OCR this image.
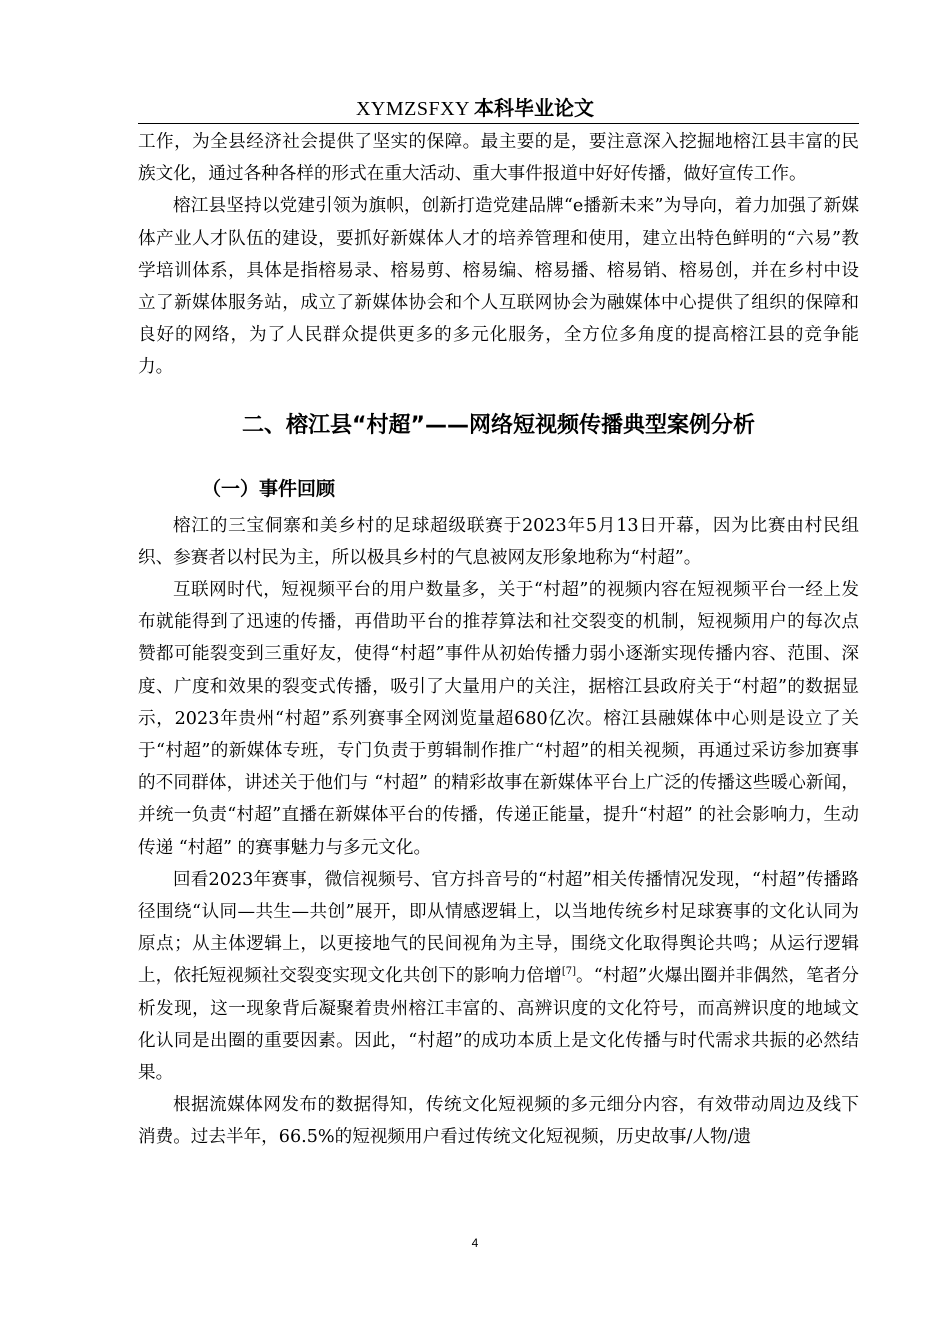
XYMZSFXY 本科毕业论文

工作，为全县经济社会提供了坚实的保障。最主要的是，要注意深入挖掘地榕江县丰富的民族文化，通过各种各样的形式在重大活动、重大事件报道中好好传播，做好宣传工作。

榕江县坚持以党建引领为旗帜，创新打造党建品牌“e播新未来”为导向，着力加强了新媒体产业人才队伍的建设，要抓好新媒体人才的培养管理和使用，建立出特色鲜明的“六易”教学培训体系，具体是指榕易录、榕易剪、榕易编、榕易播、榕易销、榕易创，并在乡村中设立了新媒体服务站，成立了新媒体协会和个人互联网协会为融媒体中心提供了组织的保障和良好的网络，为了人民群众提供更多的多元化服务，全方位多角度的提高榕江县的竞争能力。

二、榕江县“村超”——网络短视频传播典型案例分析
（一）事件回顾

榕江的三宝侗寨和美乡村的足球超级联赛于2023年5月13日开幕，因为比赛由村民组织、参赛者以村民为主，所以极具乡村的气息被网友形象地称为“村超”。

互联网时代，短视频平台的用户数量多，关于“村超”的视频内容在短视频平台一经上发布就能得到了迅速的传播，再借助平台的推荐算法和社交裂变的机制，短视频用户的每次点赞都可能裂变到三重好友，使得“村超”事件从初始传播力弱小逐渐实现传播内容、范围、深度、广度和效果的裂变式传播，吸引了大量用户的关注，据榕江县政府关于“村超”的数据显示，2023年贵州“村超”系列赛事全网浏览量超680亿次。榕江县融媒体中心则是设立了关于“村超”的新媒体专班，专门负责于剪辑制作推广“村超”的相关视频，再通过采访参加赛事的不同群体，讲述关于他们与 “村超” 的精彩故事在新媒体平台上广泛的传播这些暖心新闻，并统一负责“村超”直播在新媒体平台的传播，传递正能量，提升“村超” 的社会影响力，生动传递 “村超” 的赛事魅力与多元文化。

回看2023年赛事，微信视频号、官方抖音号的“村超”相关传播情况发现，“村超”传播路径围绕“认同—共生—共创”展开，即从情感逻辑上，以当地传统乡村足球赛事的文化认同为原点；从主体逻辑上，以更接地气的民间视角为主导，围绕文化取得舆论共鸣；从运行逻辑上，依托短视频社交裂变实现文化共创下的影响力倍增[7]。“村超”火爆出圈并非偶然，笔者分析发现，这一现象背后凝聚着贵州榕江丰富的、高辨识度的文化符号，而高辨识度的地域文化认同是出圈的重要因素。因此，“村超”的成功本质上是文化传播与时代需求共振的必然结果。

根据流媒体网发布的数据得知，传统文化短视频的多元细分内容，有效带动周边及线下消费。过去半年，66.5%的短视频用户看过传统文化短视频，历史故事/人物/遗

4
